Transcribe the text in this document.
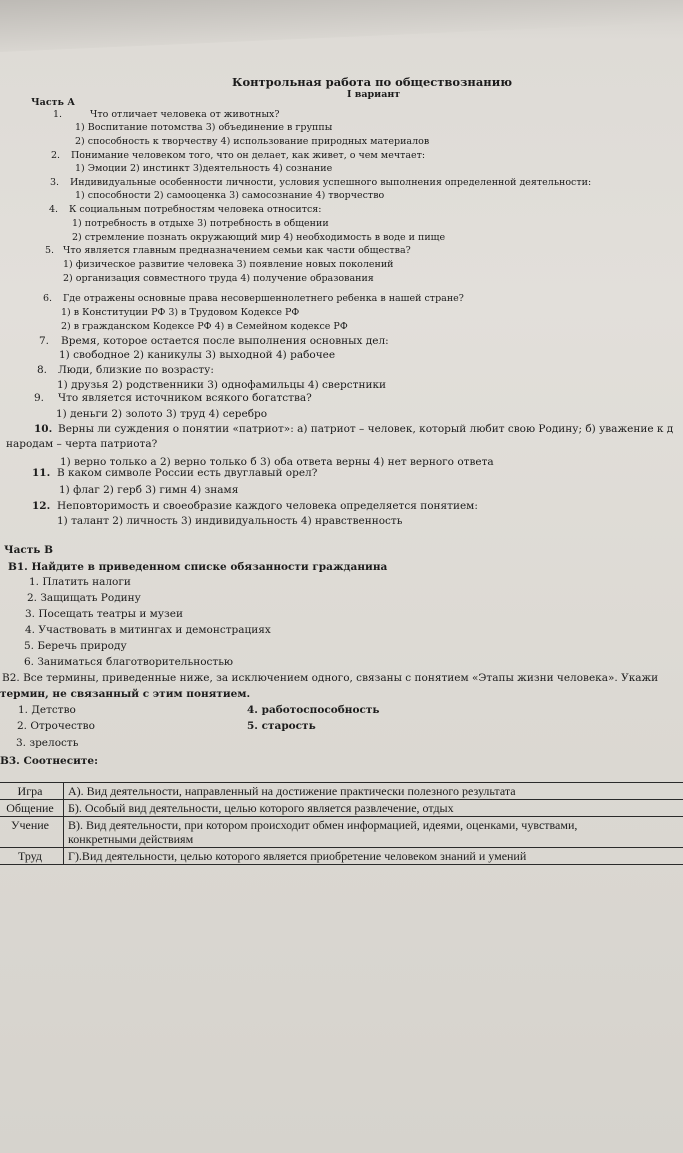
Контрольная работа по обществознанию
I вариант
Часть А
1.	Что отличает человека от животных?
1) Воспитание потомства 3) объединение в группы
2) способность к творчеству 4) использование природных материалов
2. Понимание человеком того, что он делает, как живет, о чем мечтает:
1) Эмоции 2) инстинкт 3)деятельность 4) сознание
3. Индивидуальные особенности личности, условия успешного выполнения определенной деятельности:
1) способности 2) самооценка 3) самосознание 4) творчество
4. К социальным потребностям человека относится:
1) потребность в отдыхе 3) потребность в общении
2) стремление познать окружающий мир 4) необходимость в воде и пище
5. Что является главным предназначением семьи как части общества?
1) физическое развитие человека 3) появление новых поколений
2) организация совместного труда 4) получение образования
6. Где отражены основные права несовершеннолетнего ребенка в нашей стране?
1) в Конституции РФ 3) в Трудовом Кодексе РФ
2) в гражданском Кодексе РФ 4) в Семейном кодексе РФ
7. Время, которое остается после выполнения основных дел:
1) свободное 2) каникулы 3) выходной 4) рабочее
8. Люди, близкие по возрасту:
1) друзья 2) родственники 3) однофамильцы 4) сверстники
9. Что является источником всякого богатства?
1) деньги 2) золото 3) труд 4) серебро
10. Верны ли суждения о понятии «патриот»: а) патриот – человек, который любит свою Родину; б) уважение к д
народам – черта патриота?
1) верно только а 2) верно только б 3) оба ответа верны 4) нет верного ответа
11. В каком символе России есть двуглавый орел?
1) флаг 2) герб 3) гимн 4) знамя
12. Неповторимость и своеобразие каждого человека определяется понятием:
1) талант 2) личность 3) индивидуальность 4) нравственность
Часть В
В1. Найдите в приведенном списке обязанности гражданина
1. Платить налоги
2. Защищать Родину
3. Посещать театры и музеи
4. Участвовать в митингах и демонстрациях
5. Беречь природу
6. Заниматься благотворительностью
В2. Все термины, приведенные ниже, за исключением одного, связаны с понятием «Этапы жизни человека». Укажи
термин, не связанный с этим понятием.
1. Детство
2. Отрочество
3. зрелость
4. работоспособность
5. старость
В3. Соотнесите:
Игра	А). Вид деятельности, направленный на достижение практически полезного результата
Общение	Б). Особый вид деятельности, целью которого является развлечение, отдых
Учение	В). Вид деятельности, при котором происходит обмен информацией, идеями, оценками, чувствами,
конкретными действиям

Труд	Г).Вид деятельности, целью которого является приобретение человеком знаний и умений
